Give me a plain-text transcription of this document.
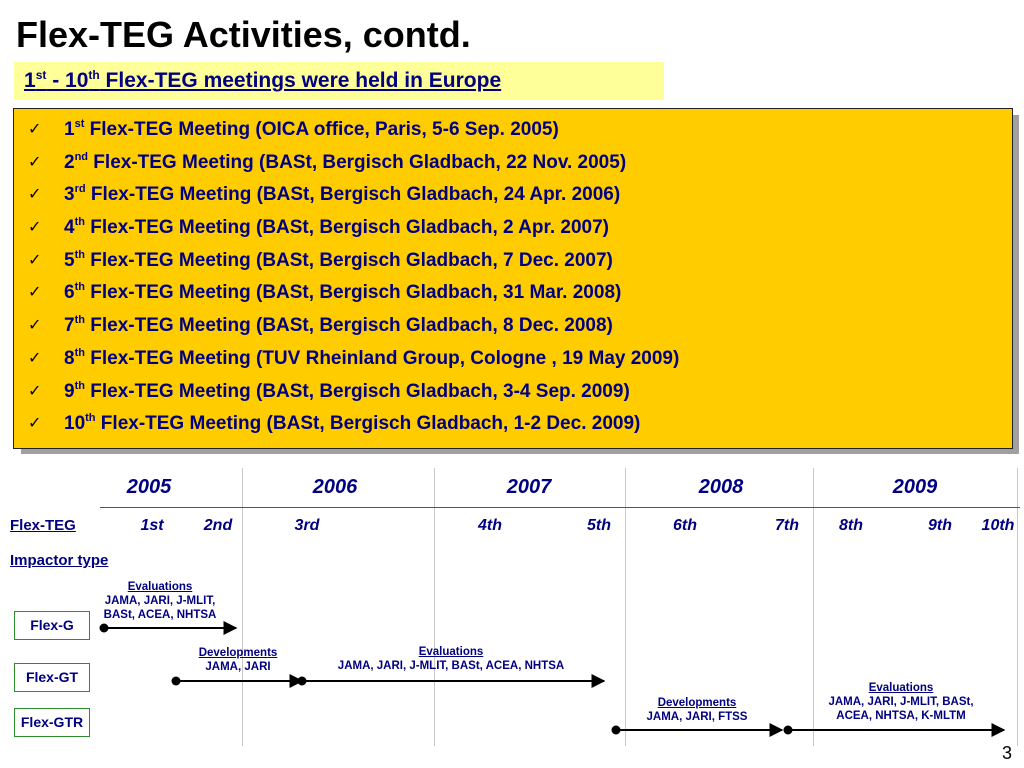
Flex-TEG Activities, contd.
1st - 10th Flex-TEG meetings were held in Europe
✓ 1st Flex-TEG Meeting (OICA office, Paris, 5-6 Sep. 2005)
✓ 2nd Flex-TEG Meeting (BASt, Bergisch Gladbach, 22 Nov. 2005)
✓ 3rd Flex-TEG Meeting (BASt, Bergisch Gladbach, 24 Apr. 2006)
✓ 4th Flex-TEG Meeting (BASt, Bergisch Gladbach, 2 Apr. 2007)
✓ 5th Flex-TEG Meeting (BASt, Bergisch Gladbach, 7 Dec. 2007)
✓ 6th Flex-TEG Meeting (BASt, Bergisch Gladbach, 31 Mar. 2008)
✓ 7th Flex-TEG Meeting (BASt, Bergisch Gladbach, 8 Dec. 2008)
✓ 8th Flex-TEG Meeting (TUV Rheinland Group, Cologne , 19 May 2009)
✓ 9th Flex-TEG Meeting (BASt, Bergisch Gladbach, 3-4 Sep. 2009)
✓ 10th Flex-TEG Meeting (BASt, Bergisch Gladbach, 1-2 Dec. 2009)
2005	2006	2007	2008	2009
Flex-TEG	1st	2nd	3rd	4th	5th	6th	7th	8th	9th 10th
Impactor type
Flex-G
Flex-GT
Flex-GTR
Evaluations
JAMA, JARI, J-MLIT,
BASt, ACEA, NHTSA
Developments
JAMA, JARI
Evaluations
JAMA, JARI, J-MLIT, BASt, ACEA, NHTSA
Developments
JAMA, JARI, FTSS
Evaluations
JAMA, JARI, J-MLIT, BASt,
ACEA, NHTSA, K-MLTM
3
